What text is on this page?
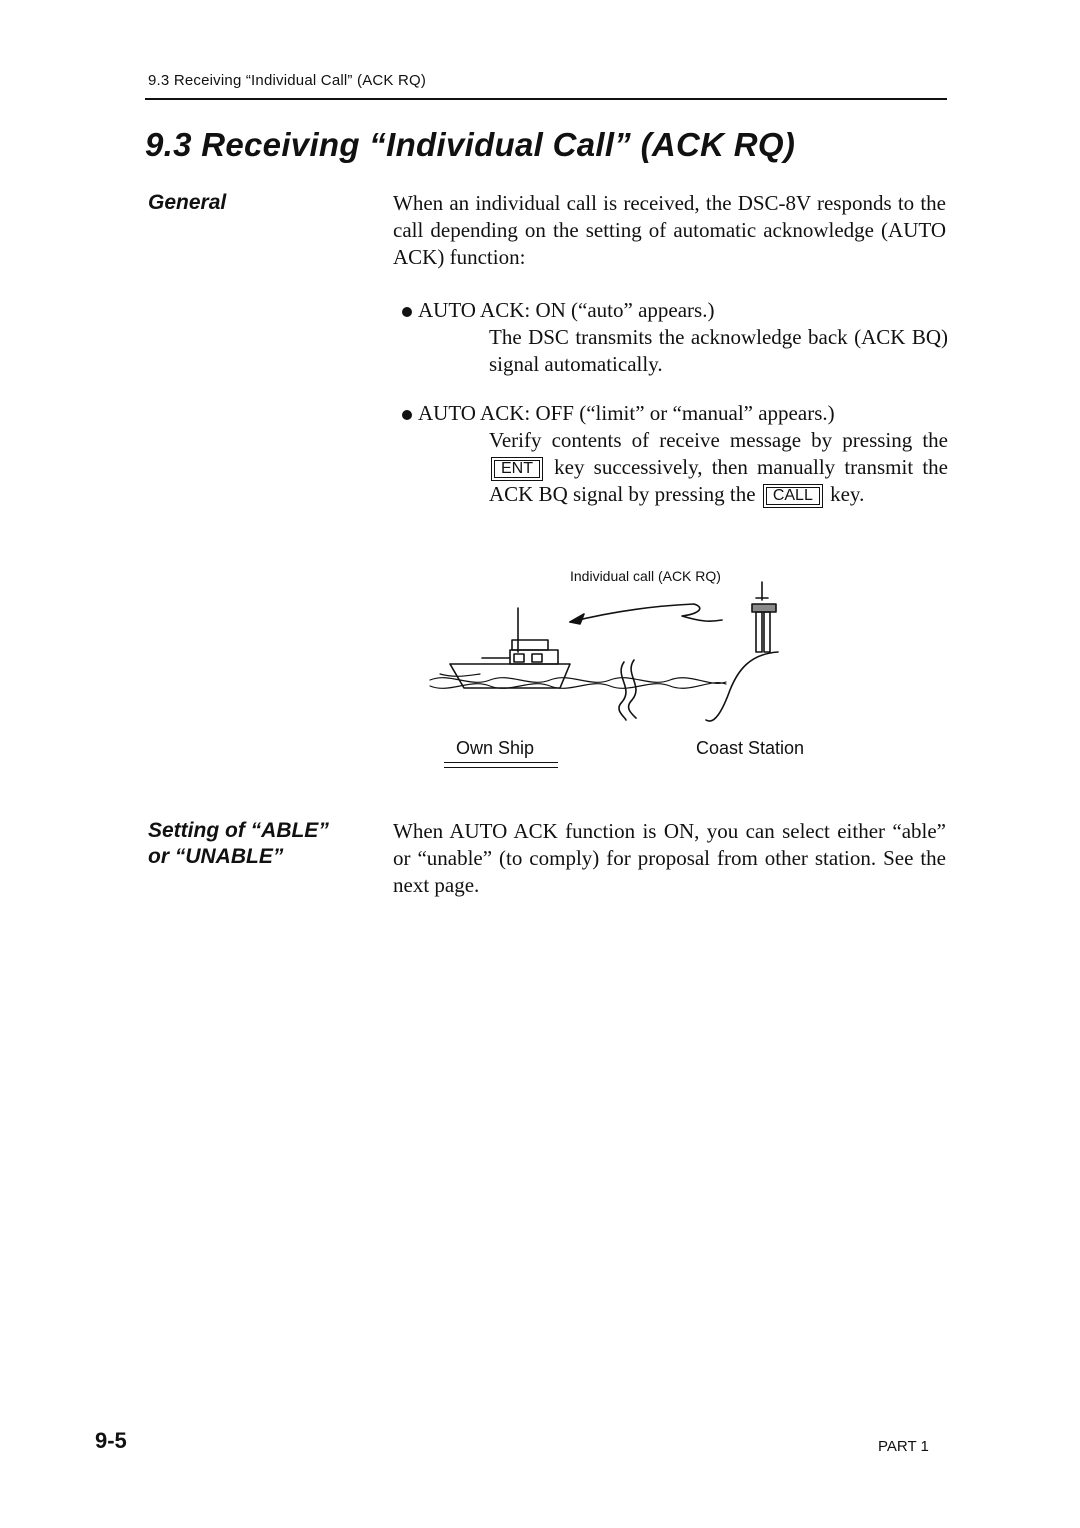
9.3 Receiving “Individual Call” (ACK RQ)
9.3 Receiving “Individual Call” (ACK RQ)
General	When an individual call is received, the DSC-8V responds to the call depending on the setting of automatic acknowledge (AUTO ACK) function:
AUTO ACK: ON (“auto” appears.)
The DSC transmits the acknowledge back (ACK BQ) signal automatically.
AUTO ACK: OFF (“limit” or “manual” appears.)
Verify contents of receive message by pressing the ENT key successively, then manually transmit the ACK BQ signal by pressing the CALL key.
Individual call (ACK RQ)
Own Ship	Coast Station
Setting of “ABLE” or “UNABLE”
When AUTO ACK function is ON, you can select either “able” or “unable” (to comply) for proposal from other station. See the next page.
9-5	PART 1
